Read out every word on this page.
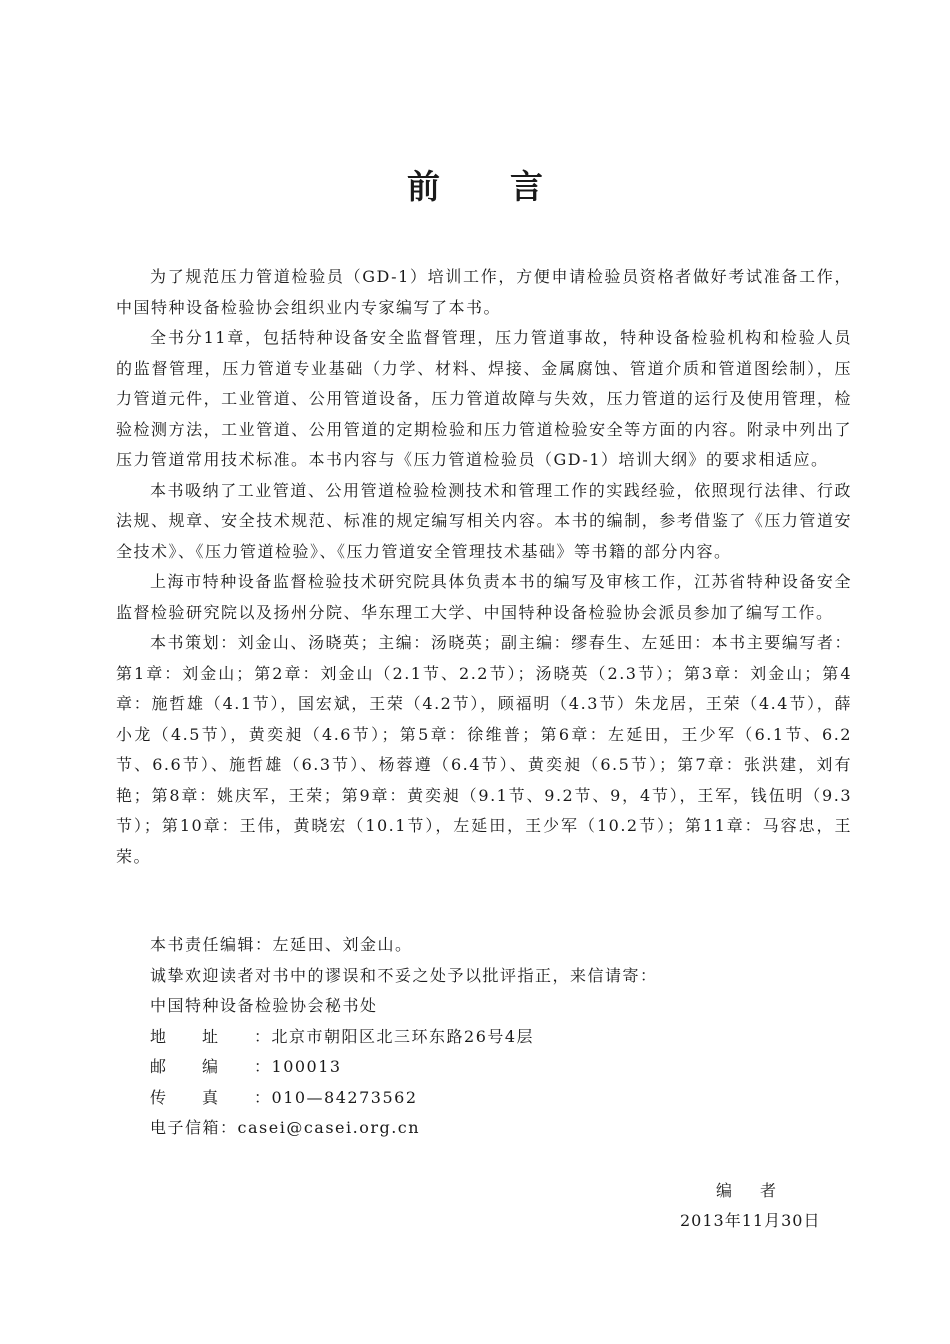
前言

为了规范压力管道检验员（GD-1）培训工作，方便申请检验员资格者做好考试准备工作，中国特种设备检验协会组织业内专家编写了本书。

全书分11章，包括特种设备安全监督管理，压力管道事故，特种设备检验机构和检验人员的监督管理，压力管道专业基础（力学、材料、焊接、金属腐蚀、管道介质和管道图绘制），压力管道元件，工业管道、公用管道设备，压力管道故障与失效，压力管道的运行及使用管理，检验检测方法，工业管道、公用管道的定期检验和压力管道检验安全等方面的内容。附录中列出了压力管道常用技术标准。本书内容与《压力管道检验员（GD-1）培训大纲》的要求相适应。

本书吸纳了工业管道、公用管道检验检测技术和管理工作的实践经验，依照现行法律、行政法规、规章、安全技术规范、标准的规定编写相关内容。本书的编制，参考借鉴了《压力管道安全技术》、《压力管道检验》、《压力管道安全管理技术基础》等书籍的部分内容。

上海市特种设备监督检验技术研究院具体负责本书的编写及审核工作，江苏省特种设备安全监督检验研究院以及扬州分院、华东理工大学、中国特种设备检验协会派员参加了编写工作。

本书策划：刘金山、汤晓英；主编：汤晓英；副主编：缪春生、左延田：本书主要编写者：第1章：刘金山；第2章：刘金山（2.1节、2.2节）；汤晓英（2.3节）；第3章：刘金山；第4章：施哲雄（4.1节），国宏斌，王荣（4.2节），顾福明（4.3节）朱龙居，王荣（4.4节），薛小龙（4.5节），黄奕昶（4.6节）；第5章：徐维普；第6章：左延田，王少军（6.1节、6.2节、6.6节）、施哲雄（6.3节）、杨蓉遵（6.4节）、黄奕昶（6.5节）；第7章：张洪建，刘有艳；第8章：姚庆军，王荣；第9章：黄奕昶（9.1节、9.2节、9，4节），王军，钱伍明（9.3节）；第10章：王伟，黄晓宏（10.1节），左延田，王少军（10.2节）；第11章：马容忠，王荣。

本书责任编辑：左延田、刘金山。
诚挚欢迎读者对书中的谬误和不妥之处予以批评指正，来信请寄：
中国特种设备检验协会秘书处
地址：北京市朝阳区北三环东路26号4层
邮编：100013
传真：010—84273562
电子信箱：casei@casei.org.cn
编者
2013年11月30日
